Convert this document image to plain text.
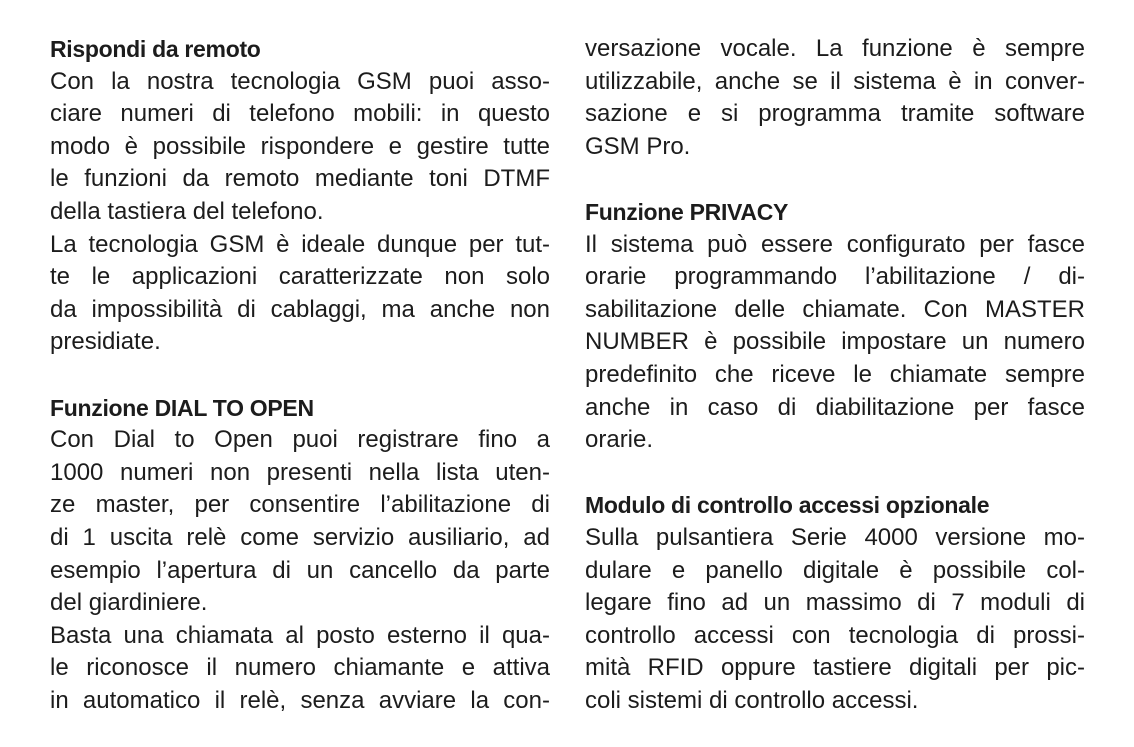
Rispondi da remoto
Con la nostra tecnologia GSM puoi asso-
ciare numeri di telefono mobili: in questo
modo è possibile rispondere e gestire tutte
le funzioni da remoto mediante toni DTMF
della tastiera del telefono.
La tecnologia GSM è ideale dunque per tut-
te le applicazioni caratterizzate non solo
da impossibilità di cablaggi, ma anche non
presidiate.
Funzione DIAL TO OPEN
Con Dial to Open puoi registrare fino a
1000 numeri non presenti nella lista uten-
ze master, per consentire l’abilitazione di
di 1 uscita relè come servizio ausiliario, ad
esempio l’apertura di un cancello da parte
del giardiniere.
Basta una chiamata al posto esterno il qua-
le riconosce il numero chiamante e attiva
in automatico il relè, senza avviare la con-
versazione vocale. La funzione è sempre
utilizzabile, anche se il sistema è in conver-
sazione e si programma tramite software
GSM Pro.
Funzione PRIVACY
Il sistema può essere configurato per fasce
orarie programmando l’abilitazione / di-
sabilitazione delle chiamate. Con MASTER
NUMBER è possibile impostare un numero
predefinito che riceve le chiamate sempre
anche in caso di diabilitazione per fasce
orarie.
Modulo di controllo accessi opzionale
Sulla pulsantiera Serie 4000 versione mo-
dulare e panello digitale è possibile col-
legare fino ad un massimo di 7 moduli di
controllo accessi con tecnologia di prossi-
mità RFID oppure tastiere digitali per pic-
coli sistemi di controllo accessi.
